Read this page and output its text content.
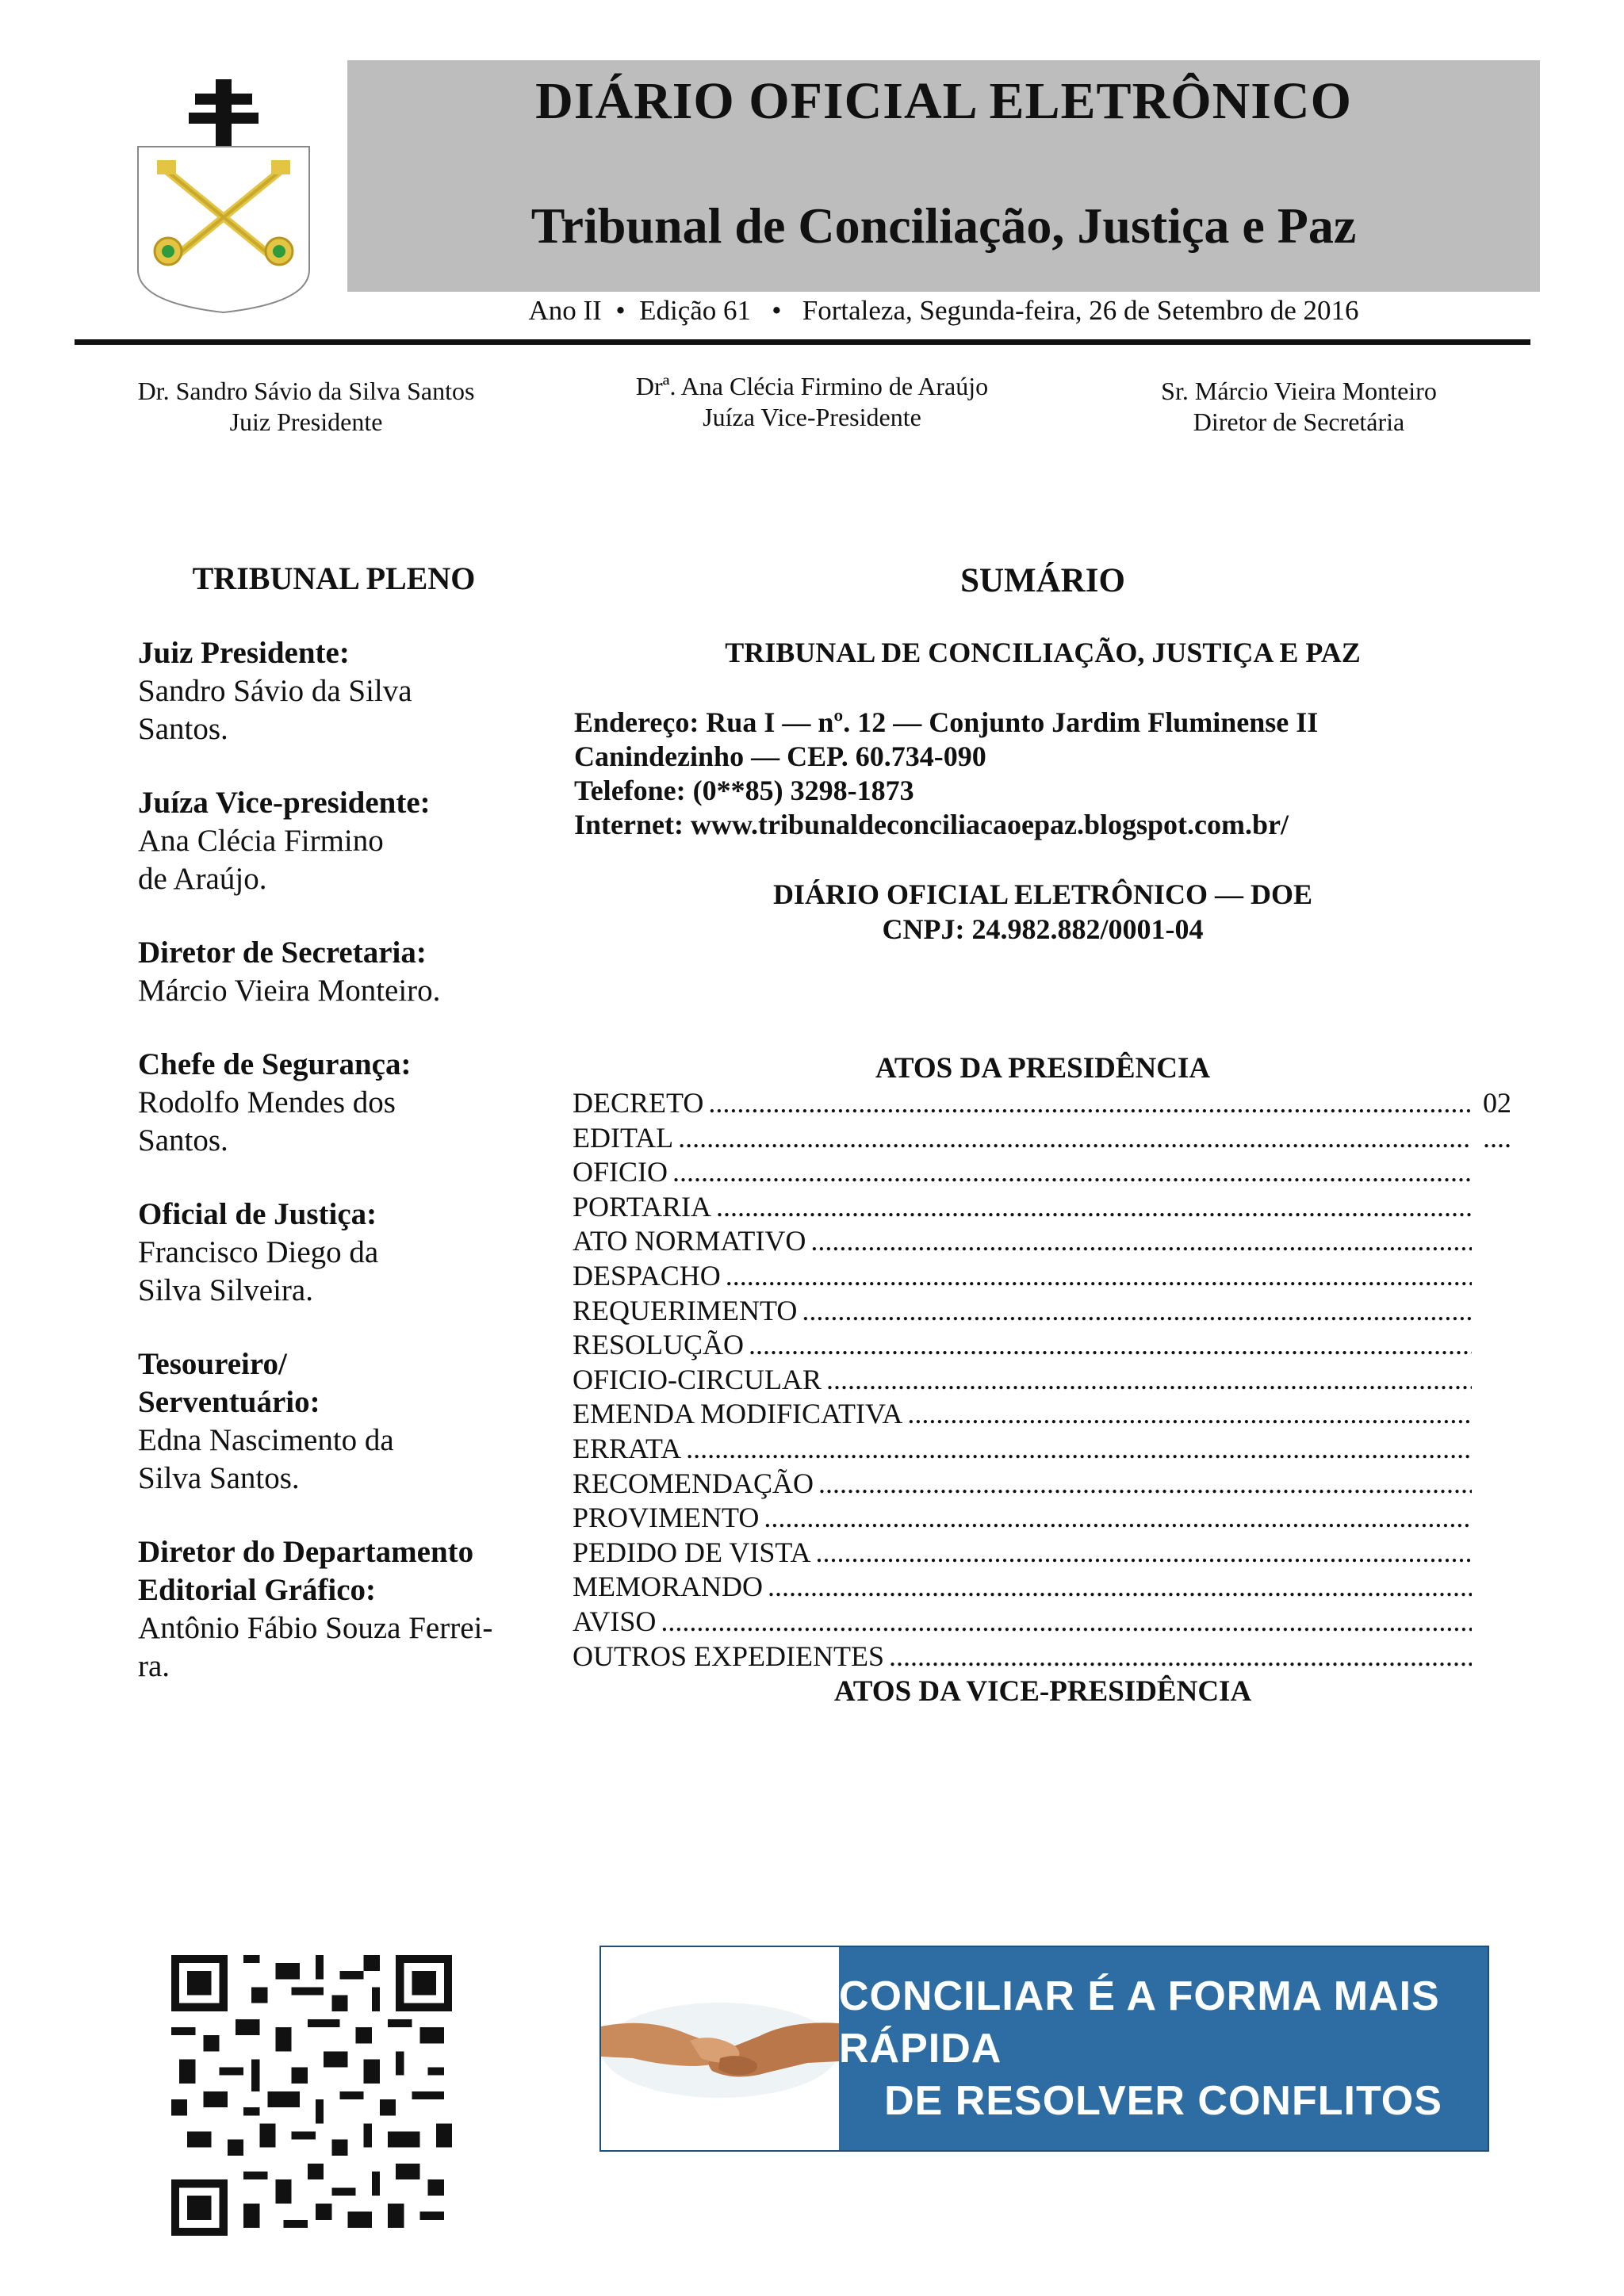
DIÁRIO OFICIAL ELETRÔNICO
Tribunal de Conciliação, Justiça e Paz
Ano II  •  Edição 61   •   Fortaleza, Segunda-feira, 26 de Setembro de 2016
Dr. Sandro Sávio da Silva Santos
Juiz Presidente
Drª. Ana Clécia Firmino de Araújo
Juíza Vice-Presidente
Sr. Márcio Vieira Monteiro
Diretor de Secretária
TRIBUNAL PLENO
Juiz Presidente:
Sandro Sávio da Silva
Santos.
Juíza Vice-presidente:
Ana Clécia Firmino
de Araújo.
Diretor de Secretaria:
Márcio Vieira Monteiro.
Chefe de Segurança:
Rodolfo Mendes dos
Santos.
Oficial de Justiça:
Francisco Diego da
Silva Silveira.
Tesoureiro/
Serventuário:
Edna Nascimento da
Silva Santos.
Diretor do Departamento
Editorial Gráfico:
Antônio Fábio Souza Ferrei-
ra.
SUMÁRIO
TRIBUNAL DE CONCILIAÇÃO, JUSTIÇA E PAZ
Endereço: Rua I — nº. 12 — Conjunto Jardim Fluminense II
Canindezinho — CEP. 60.734-090
Telefone: (0**85) 3298-1873
Internet: www.tribunaldeconciliacaoepaz.blogspot.com.br/
DIÁRIO OFICIAL ELETRÔNICO — DOE
CNPJ: 24.982.882/0001-04
ATOS DA PRESIDÊNCIA
DECRETO .....	02
EDITAL .....	....
OFICIO
.....
PORTARIA
.....
ATO NORMATIVO
.....
DESPACHO
.....
REQUERIMENTO
.....
RESOLUÇÃO
.....
OFICIO-CIRCULAR
.....
EMENDA MODIFICATIVA
.....
ERRATA
.....
RECOMENDAÇÃO
.....
PROVIMENTO
.....
PEDIDO DE VISTA
.....
MEMORANDO
.....
AVISO
.....
OUTROS EXPEDIENTES
.....
ATOS DA VICE-PRESIDÊNCIA
CONCILIAR É A FORMA MAIS RÁPIDA
DE RESOLVER CONFLITOS
